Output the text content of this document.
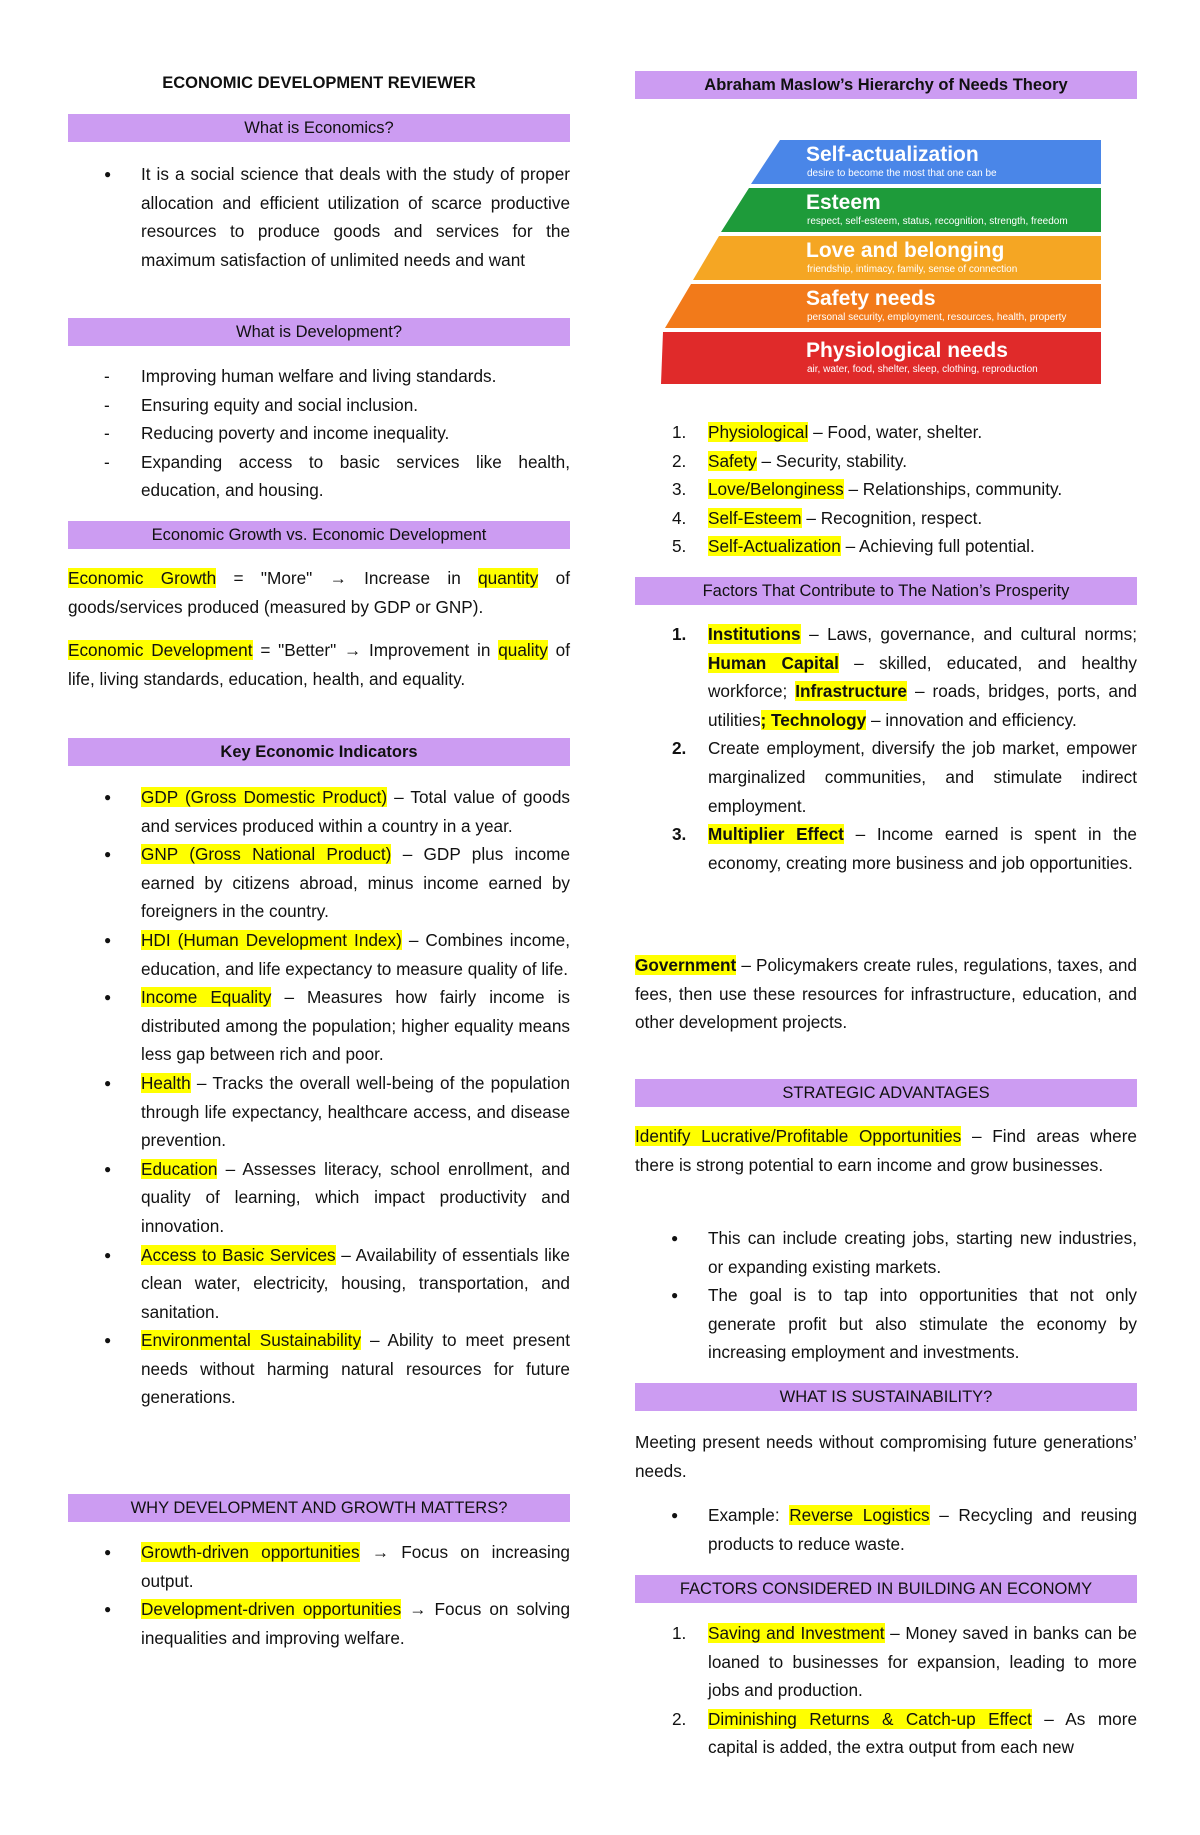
ECONOMIC DEVELOPMENT REVIEWER
What is Economics?
● It is a social science that deals with the study of proper allocation and efficient utilization of scarce productive resources to produce goods and services for the maximum satisfaction of unlimited needs and want
What is Development?
- Improving human welfare and living standards.
- Ensuring equity and social inclusion.
- Reducing poverty and income inequality.
- Expanding access to basic services like health, education, and housing.
Economic Growth vs. Economic Development

Economic Growth = "More" → Increase in quantity of goods/services produced (measured by GDP or GNP).

Economic Development = "Better" → Improvement in quality of life, living standards, education, health, and equality.

Key Economic Indicators
● GDP (Gross Domestic Product) – Total value of goods and services produced within a country in a year.
● GNP (Gross National Product) – GDP plus income earned by citizens abroad, minus income earned by foreigners in the country.
● HDI (Human Development Index) – Combines income, education, and life expectancy to measure quality of life.
● Income Equality – Measures how fairly income is distributed among the population; higher equality means less gap between rich and poor.
● Health – Tracks the overall well-being of the population through life expectancy, healthcare access, and disease prevention.
● Education – Assesses literacy, school enrollment, and quality of learning, which impact productivity and innovation.
● Access to Basic Services – Availability of essentials like clean water, electricity, housing, transportation, and sanitation.
● Environmental Sustainability – Ability to meet present needs without harming natural resources for future generations.
WHY DEVELOPMENT AND GROWTH MATTERS?
● Growth-driven opportunities → Focus on increasing output.
● Development-driven opportunities → Focus on solving inequalities and improving welfare.
Abraham Maslow’s Hierarchy of Needs Theory
Self-actualization
desire to become the most that one can be
Esteem
respect, self-esteem, status, recognition, strength, freedom
Love and belonging
friendship, intimacy, family, sense of connection
Safety needs
personal security, employment, resources, health, property
Physiological needs
air, water, food, shelter, sleep, clothing, reproduction
1. Physiological – Food, water, shelter.
2. Safety – Security, stability.
3. Love/Belonginess – Relationships, community.
4. Self-Esteem – Recognition, respect.
5. Self-Actualization – Achieving full potential.
Factors That Contribute to The Nation’s Prosperity
1. Institutions – Laws, governance, and cultural norms; Human Capital – skilled, educated, and healthy workforce; Infrastructure – roads, bridges, ports, and utilities; Technology – innovation and efficiency.
2. Create employment, diversify the job market, empower marginalized communities, and stimulate indirect employment.
3. Multiplier Effect – Income earned is spent in the economy, creating more business and job opportunities.

Government – Policymakers create rules, regulations, taxes, and fees, then use these resources for infrastructure, education, and other development projects.

STRATEGIC ADVANTAGES

Identify Lucrative/Profitable Opportunities – Find areas where there is strong potential to earn income and grow businesses.

● This can include creating jobs, starting new industries, or expanding existing markets.
● The goal is to tap into opportunities that not only generate profit but also stimulate the economy by increasing employment and investments.
WHAT IS SUSTAINABILITY?

Meeting present needs without compromising future generations’ needs.

● Example: Reverse Logistics – Recycling and reusing products to reduce waste.
FACTORS CONSIDERED IN BUILDING AN ECONOMY
1. Saving and Investment – Money saved in banks can be loaned to businesses for expansion, leading to more jobs and production.
2. Diminishing Returns & Catch-up Effect – As more capital is added, the extra output from each new
